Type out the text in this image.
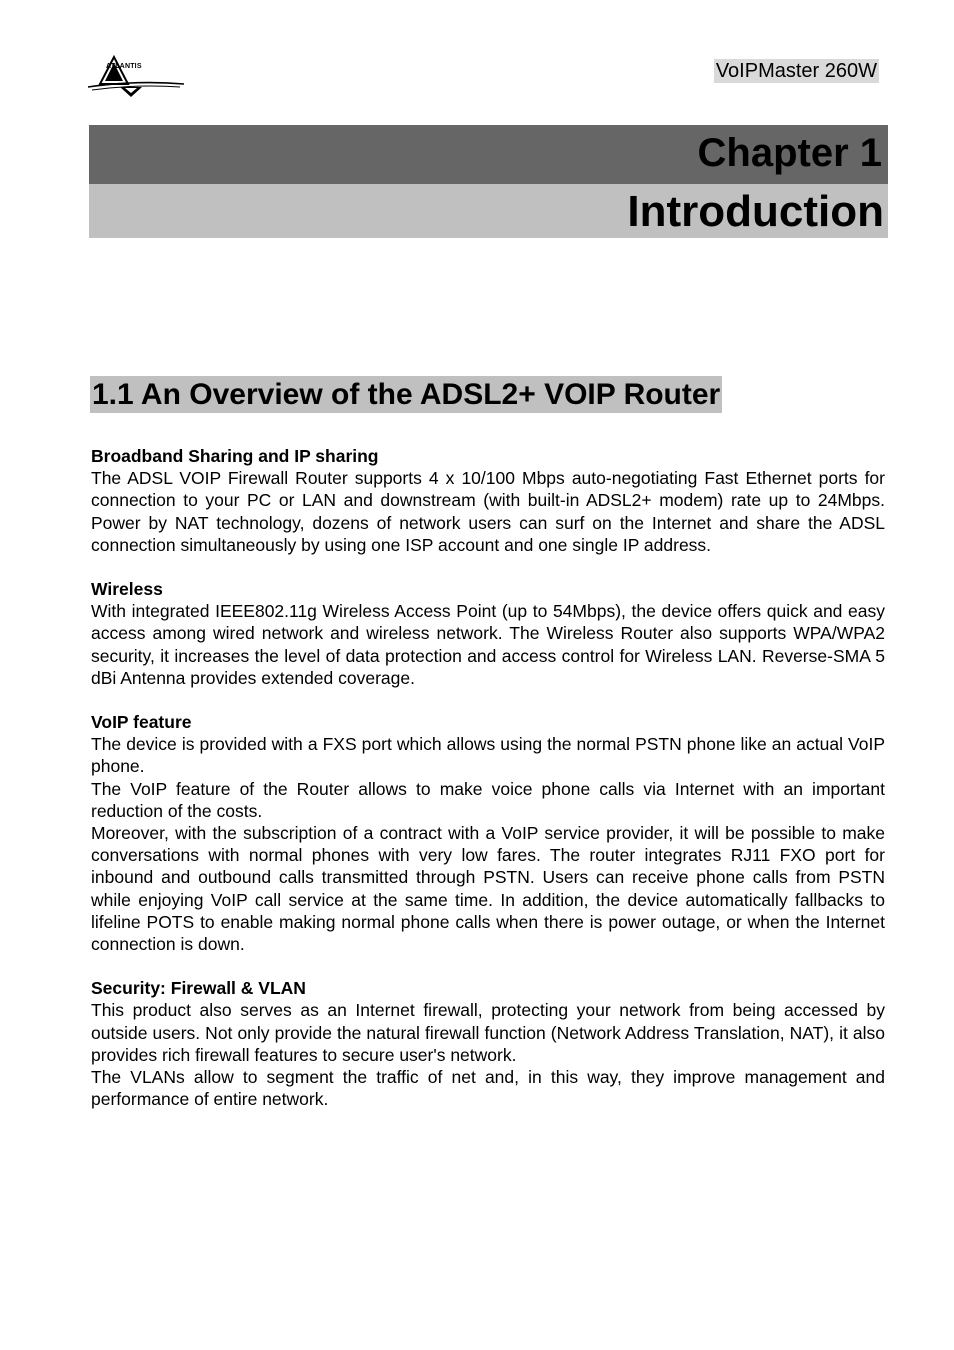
ATLANTIS	VoIPMaster 260W
Chapter 1
Introduction
1.1 An Overview of the ADSL2+ VOIP Router
Broadband Sharing and IP sharing

The ADSL VOIP Firewall Router supports 4 x 10/100 Mbps auto-negotiating Fast Ethernet ports for connection to your PC or LAN and downstream (with built-in ADSL2+ modem) rate up to 24Mbps. Power by NAT technology, dozens of network users can surf on the Internet and share the ADSL connection simultaneously by using one ISP account and one single IP address.

Wireless

With integrated IEEE802.11g Wireless Access Point (up to 54Mbps), the device offers quick and easy access among wired network and wireless network. The Wireless Router also supports WPA/WPA2 security, it increases the level of data protection and access control for Wireless LAN. Reverse-SMA 5 dBi Antenna provides extended coverage.

VoIP feature

The device is provided with a FXS port which allows using the normal PSTN phone like an actual VoIP phone.

The VoIP feature of the Router allows to make voice phone calls via Internet with an important reduction of the costs.

Moreover, with the subscription of a contract with a VoIP service provider, it will be possible to make conversations with normal phones with very low fares. The router integrates RJ11 FXO port for inbound and outbound calls transmitted through PSTN. Users can receive phone calls from PSTN while enjoying VoIP call service at the same time. In addition, the device automatically fallbacks to lifeline POTS to enable making normal phone calls when there is power outage, or when the Internet connection is down.

Security: Firewall & VLAN

This product also serves as an Internet firewall, protecting your network from being accessed by outside users. Not only provide the natural firewall function (Network Address Translation, NAT), it also provides rich firewall features to secure user's network.

The VLANs allow to segment the traffic of net and, in this way, they improve management and performance of entire network.
